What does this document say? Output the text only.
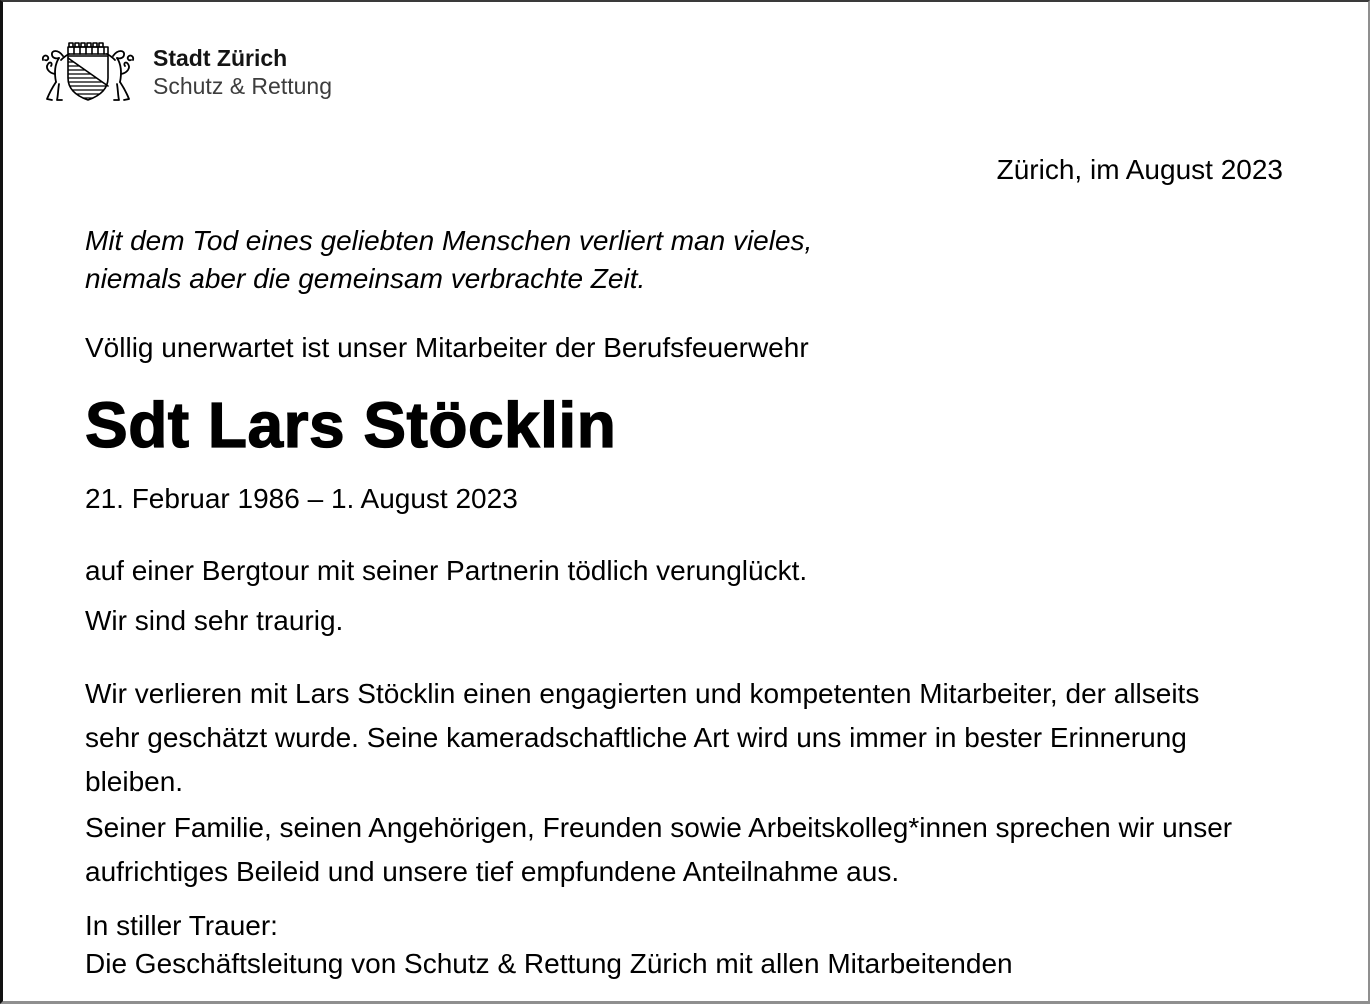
Stadt Zürich
Schutz & Rettung
Zürich, im August 2023
Mit dem Tod eines geliebten Menschen verliert man vieles,
niemals aber die gemeinsam verbrachte Zeit.
Völlig unerwartet ist unser Mitarbeiter der Berufsfeuerwehr
Sdt Lars Stöcklin
21. Februar 1986 – 1. August 2023
auf einer Bergtour mit seiner Partnerin tödlich verunglückt.
Wir sind sehr traurig.
Wir verlieren mit Lars Stöcklin einen engagierten und kompetenten Mitarbeiter, der allseits
sehr geschätzt wurde. Seine kameradschaftliche Art wird uns immer in bester Erinnerung
bleiben.
Seiner Familie, seinen Angehörigen, Freunden sowie Arbeitskolleg*innen sprechen wir unser
aufrichtiges Beileid und unsere tief empfundene Anteilnahme aus.
In stiller Trauer:
Die Geschäftsleitung von Schutz & Rettung Zürich mit allen Mitarbeitenden
